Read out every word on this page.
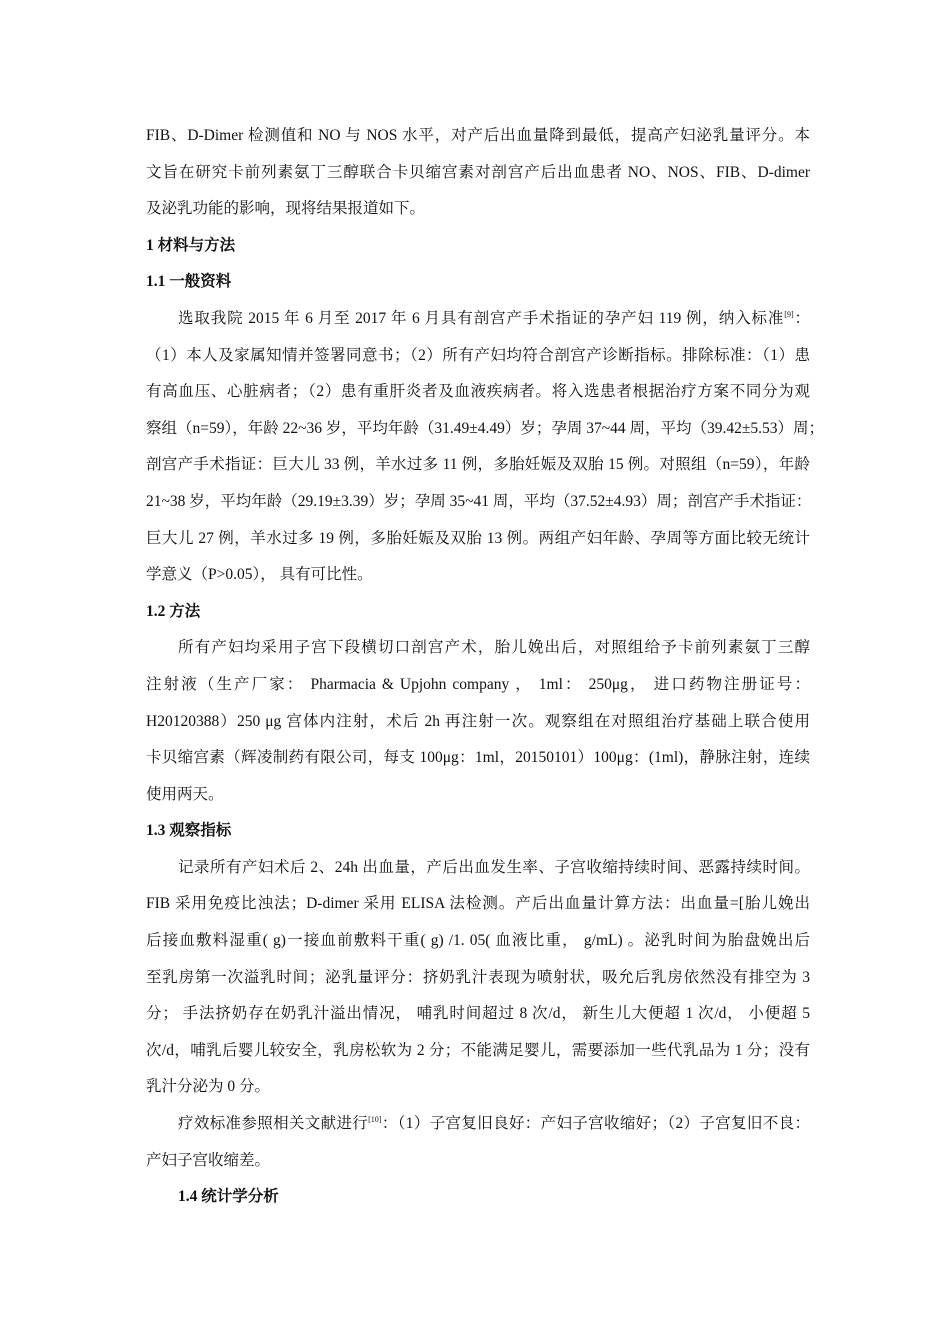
FIB、D-Dimer 检测值和 NO 与 NOS 水平，对产后出血量降到最低，提高产妇泌乳量评分。本
文旨在研究卡前列素氨丁三醇联合卡贝缩宫素对剖宫产后出血患者 NO、NOS、FIB、D-dimer
及泌乳功能的影响，现将结果报道如下。
1 材料与方法
1.1 一般资料
选取我院 2015 年 6 月至 2017 年 6 月具有剖宫产手术指证的孕产妇 119 例，纳入标准[9]：
（1）本人及家属知情并签署同意书；（2）所有产妇均符合剖宫产诊断指标。排除标准：（1）患
有高血压、心脏病者；（2）患有重肝炎者及血液疾病者。将入选患者根据治疗方案不同分为观
察组（n=59），年龄 22~36 岁，平均年龄（31.49±4.49）岁；孕周 37~44 周，平均（39.42±5.53）周；
剖宫产手术指证：巨大儿 33 例，羊水过多 11 例，多胎妊娠及双胎 15 例。对照组（n=59），年龄
21~38 岁，平均年龄（29.19±3.39）岁；孕周 35~41 周，平均（37.52±4.93）周；剖宫产手术指证：
巨大儿 27 例，羊水过多 19 例，多胎妊娠及双胎 13 例。两组产妇年龄、孕周等方面比较无统计
学意义（P>0.05）， 具有可比性。
1.2 方法
所有产妇均采用子宫下段横切口剖宫产术，胎儿娩出后，对照组给予卡前列素氨丁三醇
注射液（生产厂家： Pharmacia & Upjohn company ， 1ml： 250μg， 进口药物注册证号：
H20120388）250 μg 宫体内注射，术后 2h 再注射一次。观察组在对照组治疗基础上联合使用
卡贝缩宫素（辉凌制药有限公司，每支 100μg：1ml，20150101）100μg：(1ml)，静脉注射，连续
使用两天。
1.3 观察指标
记录所有产妇术后 2、24h 出血量，产后出血发生率、子宫收缩持续时间、恶露持续时间。
FIB 采用免疫比浊法；D-dimer 采用 ELISA 法检测。产后出血量计算方法：出血量=[胎儿娩出
后接血敷料湿重( g)一接血前敷料干重( g) /1. 05( 血液比重， g/mL) 。泌乳时间为胎盘娩出后
至乳房第一次溢乳时间；泌乳量评分：挤奶乳汁表现为喷射状，吸允后乳房依然没有排空为 3
分； 手法挤奶存在奶乳汁溢出情况， 哺乳时间超过 8 次/d， 新生儿大便超 1 次/d， 小便超 5
次/d，哺乳后婴儿较安全，乳房松软为 2 分；不能满足婴儿，需要添加一些代乳品为 1 分；没有
乳汁分泌为 0 分。
疗效标准参照相关文献进行[10]：（1）子宫复旧良好：产妇子宫收缩好；（2）子宫复旧不良：
产妇子宫收缩差。
1.4 统计学分析
